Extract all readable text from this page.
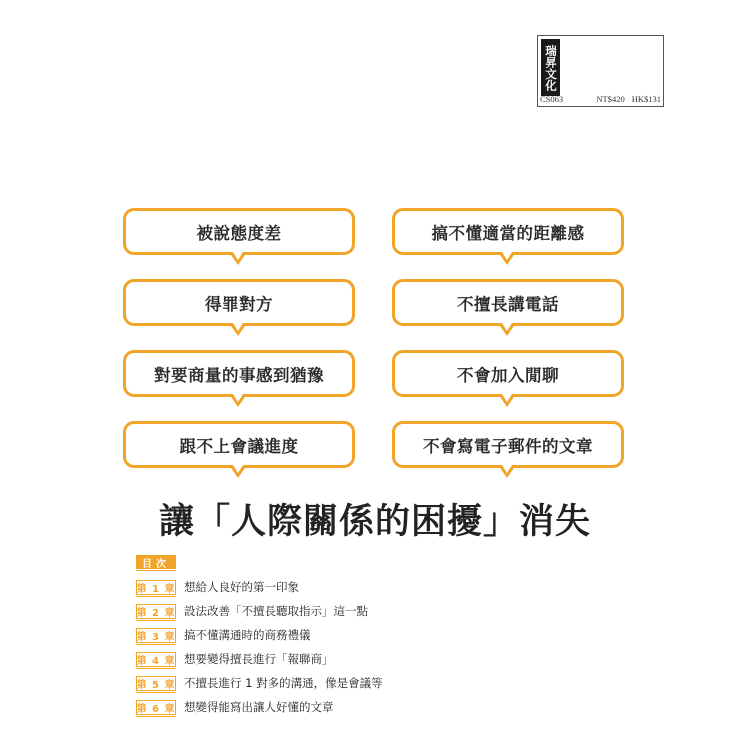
瑞昇文化
CS063	NT$420 HK$131
被說態度差
得罪對方
對要商量的事感到猶豫
跟不上會議進度
搞不懂適當的距離感
不擅長講電話
不會加入閒聊
不會寫電子郵件的文章
讓「人際關係的困擾」消失
目次
第 1 章 想給人良好的第一印象
第 2 章 設法改善「不擅長聽取指示」這一點
第 3 章 搞不懂溝通時的商務禮儀
第 4 章 想要變得擅長進行「報聯商」
第 5 章 不擅長進行 1 對多的溝通，像是會議等
第 6 章 想變得能寫出讓人好懂的文章
